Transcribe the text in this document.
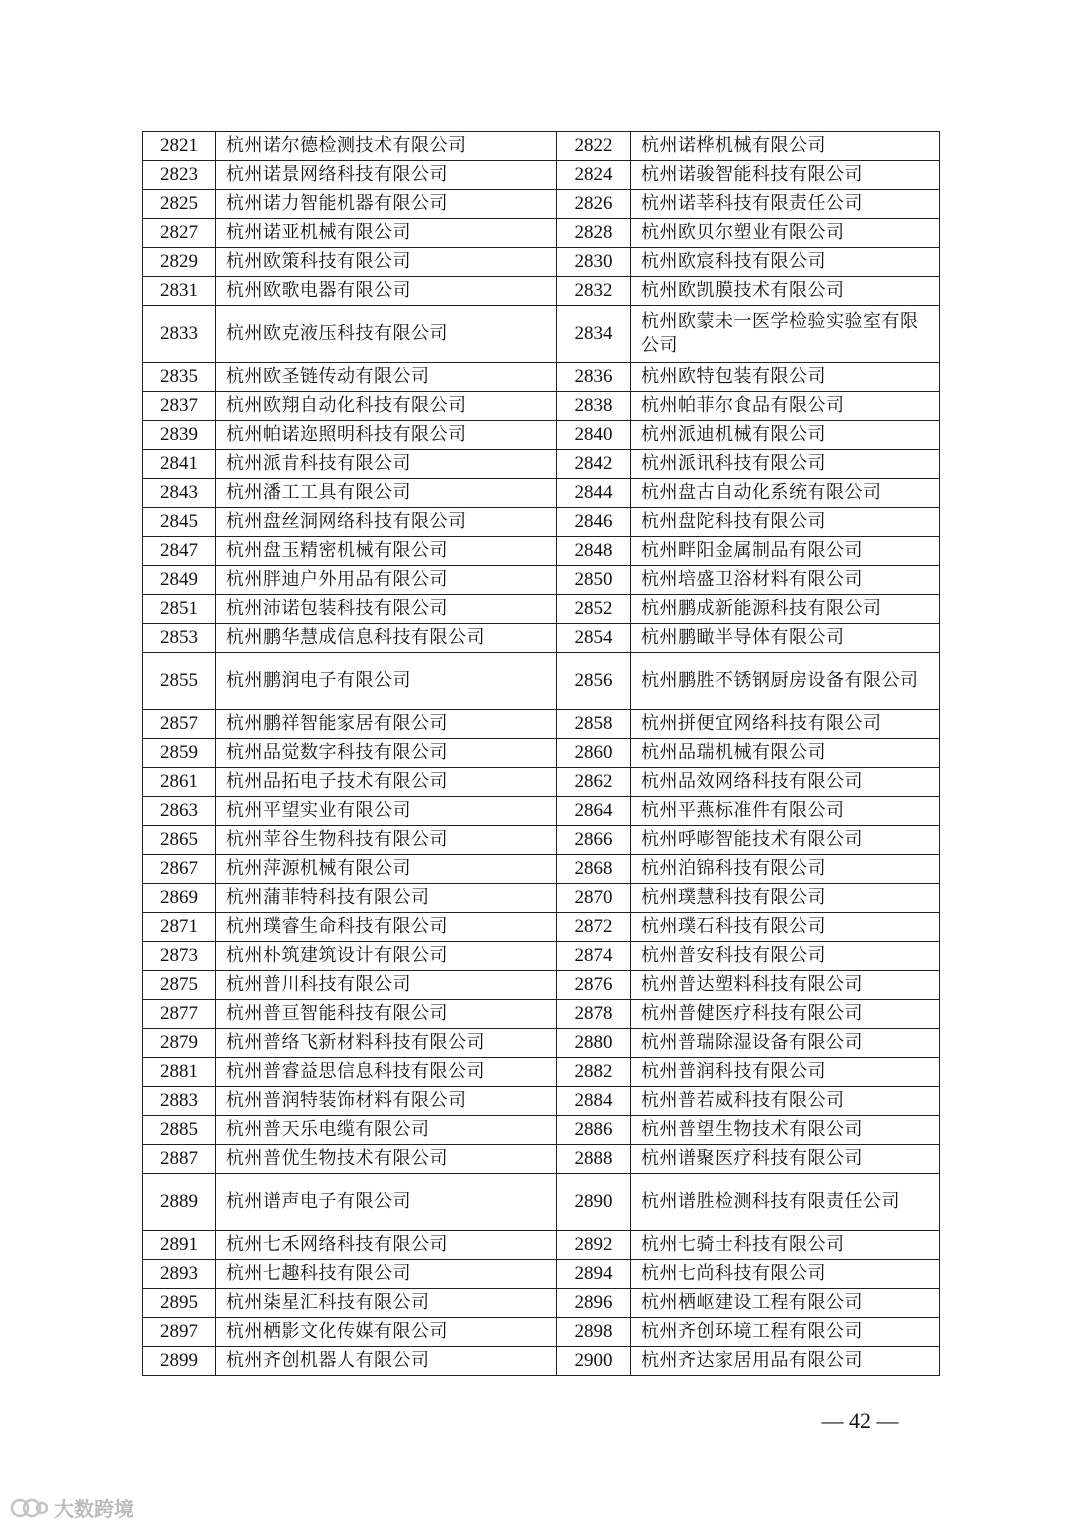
2821	杭州诺尔德检测技术有限公司	2822	杭州诺桦机械有限公司
2823	杭州诺景网络科技有限公司	2824	杭州诺骏智能科技有限公司
2825	杭州诺力智能机器有限公司	2826	杭州诺莘科技有限责任公司
2827	杭州诺亚机械有限公司	2828	杭州欧贝尔塑业有限公司
2829	杭州欧策科技有限公司	2830	杭州欧宸科技有限公司
2831	杭州欧歌电器有限公司	2832	杭州欧凯膜技术有限公司
2833	杭州欧克液压科技有限公司	2834	杭州欧蒙未一医学检验实验室有限公司
2835	杭州欧圣链传动有限公司	2836	杭州欧特包装有限公司
2837	杭州欧翔自动化科技有限公司	2838	杭州帕菲尔食品有限公司
2839	杭州帕诺迩照明科技有限公司	2840	杭州派迪机械有限公司
2841	杭州派肯科技有限公司	2842	杭州派讯科技有限公司
2843	杭州潘工工具有限公司	2844	杭州盘古自动化系统有限公司
2845	杭州盘丝洞网络科技有限公司	2846	杭州盘陀科技有限公司
2847	杭州盘玉精密机械有限公司	2848	杭州畔阳金属制品有限公司
2849	杭州胖迪户外用品有限公司	2850	杭州培盛卫浴材料有限公司
2851	杭州沛诺包装科技有限公司	2852	杭州鹏成新能源科技有限公司
2853	杭州鹏华慧成信息科技有限公司	2854	杭州鹏瞰半导体有限公司
2855	杭州鹏润电子有限公司	2856	杭州鹏胜不锈钢厨房设备有限公司
2857	杭州鹏祥智能家居有限公司	2858	杭州拼便宜网络科技有限公司
2859	杭州品觉数字科技有限公司	2860	杭州品瑞机械有限公司
2861	杭州品拓电子技术有限公司	2862	杭州品效网络科技有限公司
2863	杭州平望实业有限公司	2864	杭州平燕标准件有限公司
2865	杭州苹谷生物科技有限公司	2866	杭州呼嘭智能技术有限公司
2867	杭州萍源机械有限公司	2868	杭州泊锦科技有限公司
2869	杭州蒲菲特科技有限公司	2870	杭州璞慧科技有限公司
2871	杭州璞睿生命科技有限公司	2872	杭州璞石科技有限公司
2873	杭州朴筑建筑设计有限公司	2874	杭州普安科技有限公司
2875	杭州普川科技有限公司	2876	杭州普达塑料科技有限公司
2877	杭州普亘智能科技有限公司	2878	杭州普健医疗科技有限公司
2879	杭州普络飞新材料科技有限公司	2880	杭州普瑞除湿设备有限公司
2881	杭州普睿益思信息科技有限公司	2882	杭州普润科技有限公司
2883	杭州普润特装饰材料有限公司	2884	杭州普若威科技有限公司
2885	杭州普天乐电缆有限公司	2886	杭州普望生物技术有限公司
2887	杭州普优生物技术有限公司	2888	杭州谱聚医疗科技有限公司
2889	杭州谱声电子有限公司	2890	杭州谱胜检测科技有限责任公司
2891	杭州七禾网络科技有限公司	2892	杭州七骑士科技有限公司
2893	杭州七趣科技有限公司	2894	杭州七尚科技有限公司
2895	杭州柒星汇科技有限公司	2896	杭州栖岖建设工程有限公司
2897	杭州栖影文化传媒有限公司	2898	杭州齐创环境工程有限公司
2899	杭州齐创机器人有限公司	2900	杭州齐达家居用品有限公司
— 42 —
大数跨境
